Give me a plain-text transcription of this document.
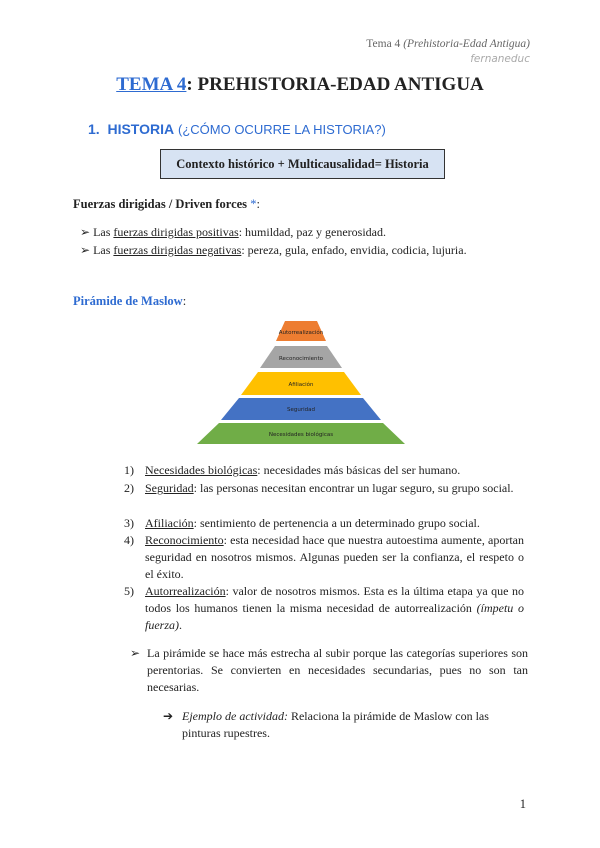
Tema 4 (Prehistoria-Edad Antigua)
fernaneduc
TEMA 4: PREHISTORIA-EDAD ANTIGUA
1. HISTORIA (¿CÓMO OCURRE LA HISTORIA?)
Contexto histórico + Multicausalidad= Historia
Fuerzas dirigidas / Driven forces *:
➢ Las fuerzas dirigidas positivas: humildad, paz y generosidad.
➢ Las fuerzas dirigidas negativas: pereza, gula, enfado, envidia, codicia, lujuria.
Pirámide de Maslow:
Autorrealización
Reconocimiento
Afiliación
Seguridad
Necesidades biológicas
1) Necesidades biológicas: necesidades más básicas del ser humano.
2) Seguridad: las personas necesitan encontrar un lugar seguro, su grupo social.
3) Afiliación: sentimiento de pertenencia a un determinado grupo social.
4) Reconocimiento: esta necesidad hace que nuestra autoestima aumente, aportan seguridad en nosotros mismos. Algunas pueden ser la confianza, el respeto o el éxito.
5) Autorrealización: valor de nosotros mismos. Esta es la última etapa ya que no todos los humanos tienen la misma necesidad de autorrealización (ímpetu o fuerza).
➢ La pirámide se hace más estrecha al subir porque las categorías superiores son perentorias. Se convierten en necesidades secundarias, pues no son tan necesarias.
➔ Ejemplo de actividad: Relaciona la pirámide de Maslow con las pinturas rupestres.
1
